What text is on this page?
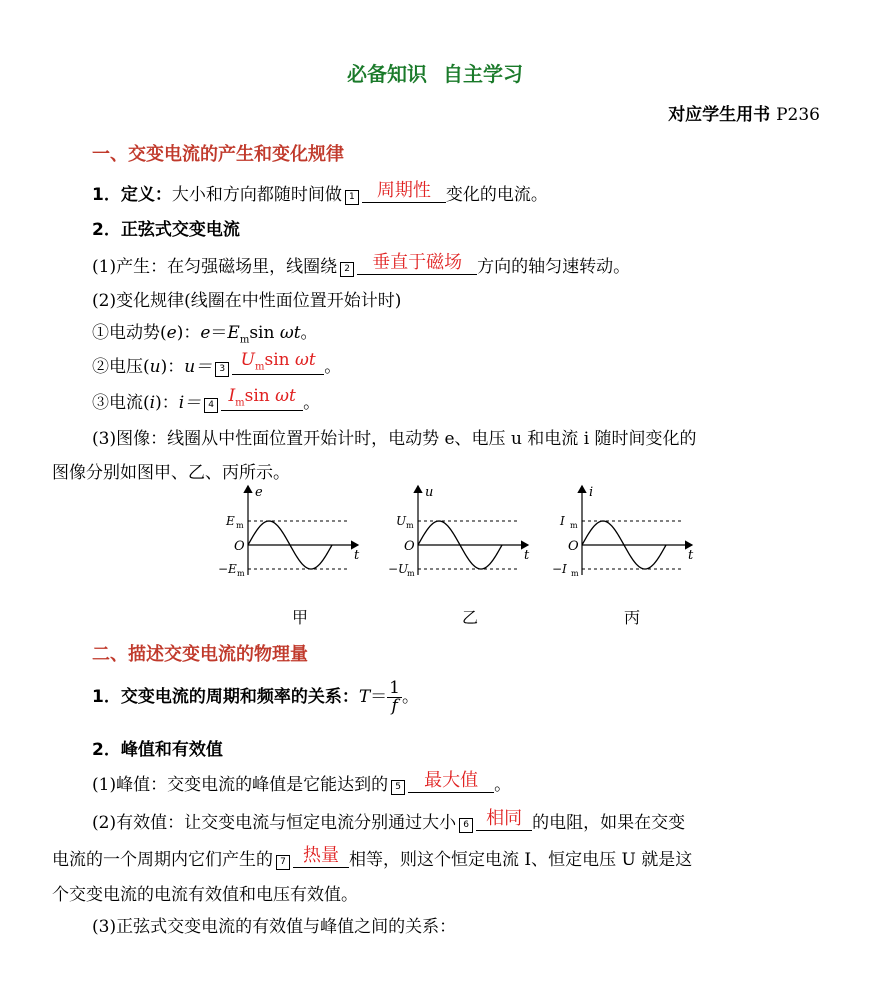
必备知识 自主学习
对应学生用书 P236
一、交变电流的产生和变化规律
1．定义：大小和方向都随时间做 1	周期性 变化的电流。
2．正弦式交变电流
(1)产生：在匀强磁场里，线圈绕 2	垂直于磁场 方向的轴匀速转动。
(2)变化规律(线圈在中性面位置开始计时)
①电动势(e)：$e=E_m\sin$ ωt。
②电压(u)：u＝ 3 $U_m\sin$ ωt 。
③电流(i)：i＝ 4 $I_m\sin$ ωt 。
(3)图像：线圈从中性面位置开始计时，电动势 e、电压 u 和电流 i 随时间变化的
图像分别如图甲、乙、丙所示。
e
t
O
E m
−E m
u
t
O
U m
−U
m
i
t
O
I m
−I m
甲	乙	丙
二、描述交变电流的物理量
1．交变电流的周期和频率的关系：$T= \frac{1}{f}$ 。
2．峰值和有效值
(1)峰值：交变电流的峰值是它能达到的 5	最大值 。
(2)有效值：让交变电流与恒定电流分别通过大小 6 相同 的电阻，如果在交变
电流的一个周期内它们产生的 7 热量 相等，则这个恒定电流 I、恒定电压 U 就是这
个交变电流的电流有效值和电压有效值。
(3)正弦式交变电流的有效值与峰值之间的关系：
